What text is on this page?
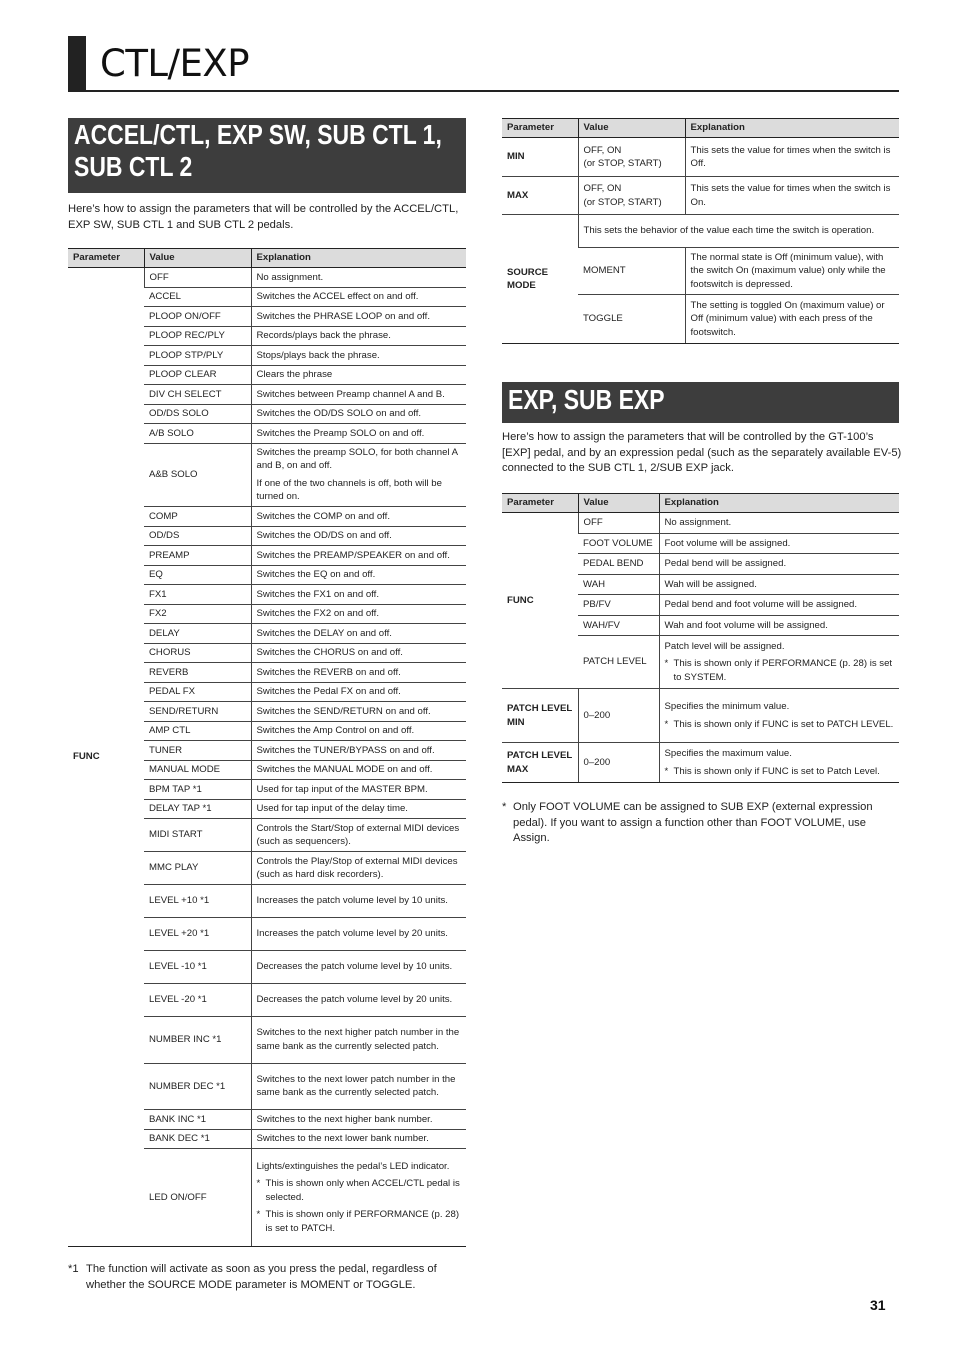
CTL/EXP
ACCEL/CTL, EXP SW, SUB CTL 1, SUB CTL 2

Here’s how to assign the parameters that will be controlled by the ACCEL/CTL, EXP SW, SUB CTL 1 and SUB CTL 2 pedals.

Parameter	Value	Explanation
FUNC	OFF	No assignment.

	ACCEL	Switches the ACCEL effect on and off.

	PLOOP ON/OFF	Switches the PHRASE LOOP on and off.

	PLOOP REC/PLY	Records/plays back the phrase.

	PLOOP STP/PLY	Stops/plays back the phrase.

	PLOOP CLEAR	Clears the phrase

	DIV CH SELECT	Switches between Preamp channel A and B.

	OD/DS SOLO	Switches the OD/DS SOLO on and off.

	A/B SOLO	Switches the Preamp SOLO on and off.

	A&B SOLO	Switches the preamp SOLO, for both channel A and B, on and off.
If one of the two channels is off, both will be turned on.

	COMP	Switches the COMP on and off.

	OD/DS	Switches the OD/DS on and off.

	PREAMP	Switches the PREAMP/SPEAKER on and off.

	EQ	Switches the EQ on and off.

	FX1	Switches the FX1 on and off.

	FX2	Switches the FX2 on and off.

	DELAY	Switches the DELAY on and off.

	CHORUS	Switches the CHORUS on and off.

	REVERB	Switches the REVERB on and off.

	PEDAL FX	Switches the Pedal FX on and off.

	SEND/RETURN	Switches the SEND/RETURN on and off.

	AMP CTL	Switches the Amp Control on and off.

	TUNER	Switches the TUNER/BYPASS on and off.

	MANUAL MODE	Switches the MANUAL MODE on and off.

	BPM TAP *1	Used for tap input of the MASTER BPM.

	DELAY TAP *1	Used for tap input of the delay time.

	MIDI START	Controls the Start/Stop of external MIDI devices (such as sequencers).

	MMC PLAY	Controls the Play/Stop of external MIDI devices (such as hard disk recorders).

	LEVEL +10 *1	Increases the patch volume level by 10 units.

	LEVEL +20 *1	Increases the patch volume level by 20 units.

	LEVEL -10 *1	Decreases the patch volume level by 10 units.

	LEVEL -20 *1	Decreases the patch volume level by 20 units.

	NUMBER INC *1	Switches to the next higher patch number in the same bank as the currently selected patch.

	NUMBER DEC *1	Switches to the next lower patch number in the same bank as the currently selected patch.

	BANK INC *1	Switches to the next higher bank number.

	BANK DEC *1	Switches to the next lower bank number.

	LED ON/OFF	Lights/extinguishes the pedal’s LED indicator.
* This is shown only when ACCEL/CTL pedal is selected.
* This is shown only if PERFORMANCE (p. 28) is set to PATCH.
*1 The function will activate as soon as you press the pedal, regardless of whether the SOURCE MODE parameter is MOMENT or TOGGLE.
Parameter	Value	Explanation
MIN	OFF, ON
(or STOP, START)	This sets the value for times when the switch is Off.
MAX	OFF, ON
(or STOP, START)	This sets the value for times when the switch is On.
SOURCE MODE	This sets the behavior of the value each time the switch is operation.	
	MOMENT	The normal state is Off (minimum value), with the switch On (maximum value) only while the footswitch is depressed.
	TOGGLE	The setting is toggled On (maximum value) or Off (minimum value) with each press of the footswitch.
EXP, SUB EXP

Here’s how to assign the parameters that will be controlled by the GT-100’s [EXP] pedal, and by an expression pedal (such as the separately available EV-5) connected to the SUB CTL 1, 2/SUB EXP jack.

Parameter	Value	Explanation
FUNC	OFF	No assignment.

	FOOT VOLUME	Foot volume will be assigned.

	PEDAL BEND	Pedal bend will be assigned.

	WAH	Wah will be assigned.

	PB/FV	Pedal bend and foot volume will be assigned.

	WAH/FV	Wah and foot volume will be assigned.

	PATCH LEVEL	Patch level will be assigned.
* This is shown only if PERFORMANCE (p. 28) is set to SYSTEM.

PATCH LEVEL MIN	0–200	Specifies the minimum value.
* This is shown only if FUNC is set to PATCH LEVEL.

PATCH LEVEL MAX	0–200	Specifies the maximum value.
* This is shown only if FUNC is set to Patch Level.
* Only FOOT VOLUME can be assigned to SUB EXP (external expression pedal). If you want to assign a function other than FOOT VOLUME, use Assign.
31
